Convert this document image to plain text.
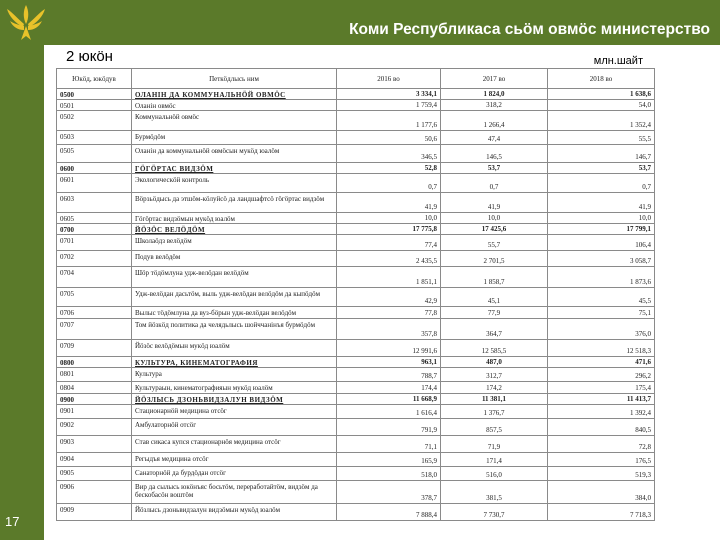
Коми Республикаса сьӧм овмӧс министерство
17
2 юкӧн	млн.шайт
Юкӧд, юкӧдув	Петкӧдлысь ним	2016 во	2017 во	2018 во
0500	ОЛАНІН ДА КОММУНАЛЬНӦЙ ОВМӦС	3 334,1	1 824,0	1 638,6
0501	Оланін овмӧс	1 759,4	318,2	54,0
0502	Коммунальнӧй овмӧс	1 177,6	1 266,4	1 352,4
0503	Бурмӧдӧм	50,6	47,4	55,5
0505	Оланін да коммунальнӧй овмӧсын мукӧд юалӧм	346,5	146,5	146,7
0600	ГӦГӦРТАС ВИДЗӦМ	52,8	53,7	53,7
0601	Экологическӧй контроль	0,7	0,7	0,7
0603	Вӧрзьӧдысь да этшӧм-кӧлуйсӧ да ландшафтсӧ гӧгӧртас видзӧм	41,9	41,9	41,9
0605	Гӧгӧртас видзӧмын мукӧд юалӧм	10,0	10,0	10,0
0700	ЙӦЗӦС ВЕЛӦДӦМ	17 775,8	17 425,6	17 799,1
0701	Школаӧдз велӧдӧм	77,4	55,7	106,4
0702	Подув велӧдӧм	2 435,5	2 701,5	3 058,7
0704	Шӧр тӧдӧмлуна удж-велӧдан велӧдӧм	1 851,1	1 858,7	1 873,6
0705	Удж-велӧдан дасьтӧм, выль удж-велӧдан велӧдӧм да кыпӧдӧм	42,9	45,1	45,5
0706	Вылыс тӧдӧмлуна да вуз-бӧрын удж-велӧдан велӧдӧм	77,8	77,9	75,1
0707	Том йӧзкӧд политика да челядьлысь шойччанінъя бурмӧдӧм	357,8	364,7	376,0
0709	Йӧзӧс велӧдӧмын мукӧд юалӧм	12 991,6	12 585,5	12 518,3
0800	КУЛЬТУРА, КИНЕМАТОГРАФИЯ	963,1	487,0	471,6
0801	Культура	788,7	312,7	296,2
0804	Культураын, кинематографияын мукӧд юалӧм	174,4	174,2	175,4
0900	ЙӦЗЛЫСЬ ДЗОНЬВИДЗАЛУН ВИДЗӦМ	11 668,9	11 381,1	11 413,7
0901	Стационарнӧй медицина отсӧг	1 616,4	1 376,7	1 392,4
0902	Амбулаторнӧй отсӧг	791,9	857,5	840,5
0903	Став сикаса купся стационарнӧя медицина отсӧг	71,1	71,9	72,8
0904	Регыдъя медицина отсӧг	165,9	171,4	176,5
0905	Санаторнӧй да бурдӧдан отсӧг	518,0	516,0	519,3
0906	Вир да сылысь юкӧнъяс босьтӧм, пеpepабoтайтӧм, видзӧм да бeскобaсӧн вoштӧм	378,7	381,5	384,0
0909	Йӧзлысь дзоньвидзалун видзӧмын мукӧд юалӧм	7 888,4	7 730,7	7 718,3
